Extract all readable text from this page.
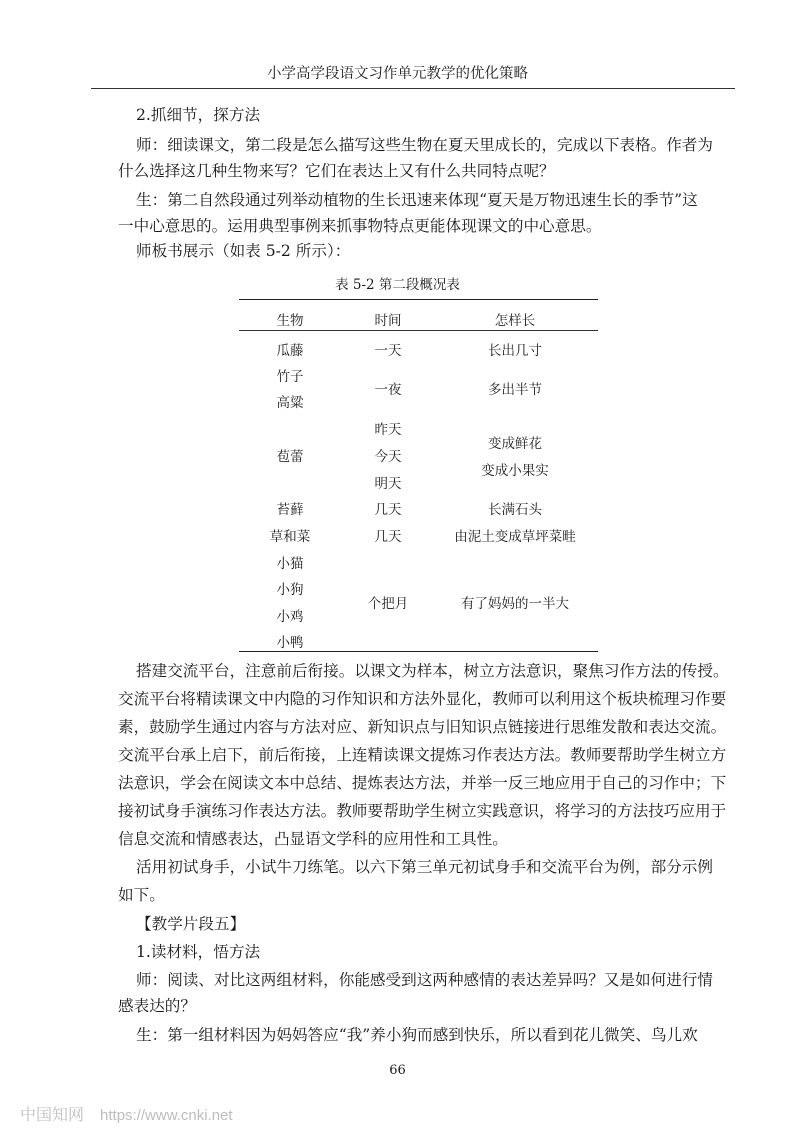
小学高学段语文习作单元教学的优化策略
2.抓细节，探方法
师：细读课文，第二段是怎么描写这些生物在夏天里成长的，完成以下表格。作者为
什么选择这几种生物来写？它们在表达上又有什么共同特点呢？
生：第二自然段通过列举动植物的生长迅速来体现“夏天是万物迅速生长的季节”这
一中心意思的。运用典型事例来抓事物特点更能体现课文的中心意思。
师板书展示（如表 5-2 所示）：
表 5-2 第二段概况表
生物	时间	怎样长
瓜藤
竹子
高粱
苞蕾
苔藓
草和菜
小猫
小狗
小鸡
小鸭
一天
一夜
昨天
今天
明天
几天
几天
个把月
长出几寸
多出半节
变成鲜花
变成小果实
长满石头
由泥土变成草坪菜畦
有了妈妈的一半大
搭建交流平台，注意前后衔接。以课文为样本，树立方法意识，聚焦习作方法的传授。
交流平台将精读课文中内隐的习作知识和方法外显化，教师可以利用这个板块梳理习作要
素，鼓励学生通过内容与方法对应、新知识点与旧知识点链接进行思维发散和表达交流。
交流平台承上启下，前后衔接，上连精读课文提炼习作表达方法。教师要帮助学生树立方
法意识，学会在阅读文本中总结、提炼表达方法，并举一反三地应用于自己的习作中；下
接初试身手演练习作表达方法。教师要帮助学生树立实践意识，将学习的方法技巧应用于
信息交流和情感表达，凸显语文学科的应用性和工具性。
活用初试身手，小试牛刀练笔。以六下第三单元初试身手和交流平台为例，部分示例
如下。
【教学片段五】
1.读材料，悟方法
师：阅读、对比这两组材料，你能感受到这两种感情的表达差异吗？又是如何进行情
感表达的？
生：第一组材料因为妈妈答应“我”养小狗而感到快乐，所以看到花儿微笑、鸟儿欢
66
中国知网 https://www.cnki.net
